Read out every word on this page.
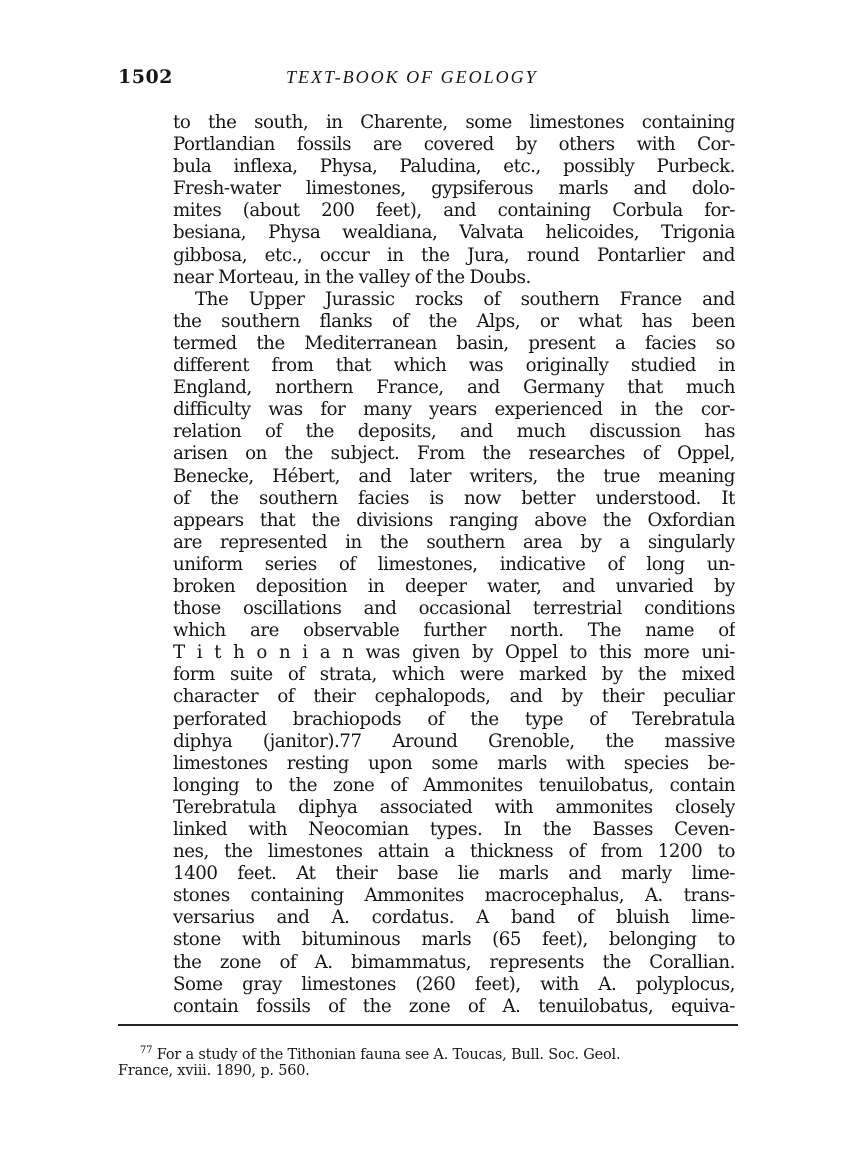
1502	TEXT-BOOK OF GEOLOGY
to the south, in Charente, some limestones containing
Portlandian fossils are covered by others with Cor-
bula inflexa, Physa, Paludina, etc., possibly Purbeck.
Fresh-water limestones, gypsiferous marls and dolo-
mites (about 200 feet), and containing Corbula for-
besiana, Physa wealdiana, Valvata helicoides, Trigonia
gibbosa, etc., occur in the Jura, round Pontarlier and
near Morteau, in the valley of the Doubs.
The Upper Jurassic rocks of southern France and
the southern flanks of the Alps, or what has been
termed the Mediterranean basin, present a facies so
different from that which was originally studied in
England, northern France, and Germany that much
difficulty was for many years experienced in the cor-
relation of the deposits, and much discussion has
arisen on the subject. From the researches of Oppel,
Benecke, Hébert, and later writers, the true meaning
of the southern facies is now better understood. It
appears that the divisions ranging above the Oxfordian
are represented in the southern area by a singularly
uniform series of limestones, indicative of long un-
broken deposition in deeper water, and unvaried by
those oscillations and occasional terrestrial conditions
which are observable further north. The name of
T i t h o n i a n was given by Oppel to this more uni-
form suite of strata, which were marked by the mixed
character of their cephalopods, and by their peculiar
perforated brachiopods of the type of Terebratula
diphya (janitor).77 Around Grenoble, the massive
limestones resting upon some marls with species be-
longing to the zone of Ammonites tenuilobatus, contain
Terebratula diphya associated with ammonites closely
linked with Neocomian types. In the Basses Ceven-
nes, the limestones attain a thickness of from 1200 to
1400 feet. At their base lie marls and marly lime-
stones containing Ammonites macrocephalus, A. trans-
versarius and A. cordatus. A band of bluish lime-
stone with bituminous marls (65 feet), belonging to
the zone of A. bimammatus, represents the Corallian.
Some gray limestones (260 feet), with A. polyplocus,
contain fossils of the zone of A. tenuilobatus, equiva-
$^{77}$ For a study of the Tithonian fauna see A. Toucas, Bull. Soc. Geol.
France, xviii. 1890, p. 560.
